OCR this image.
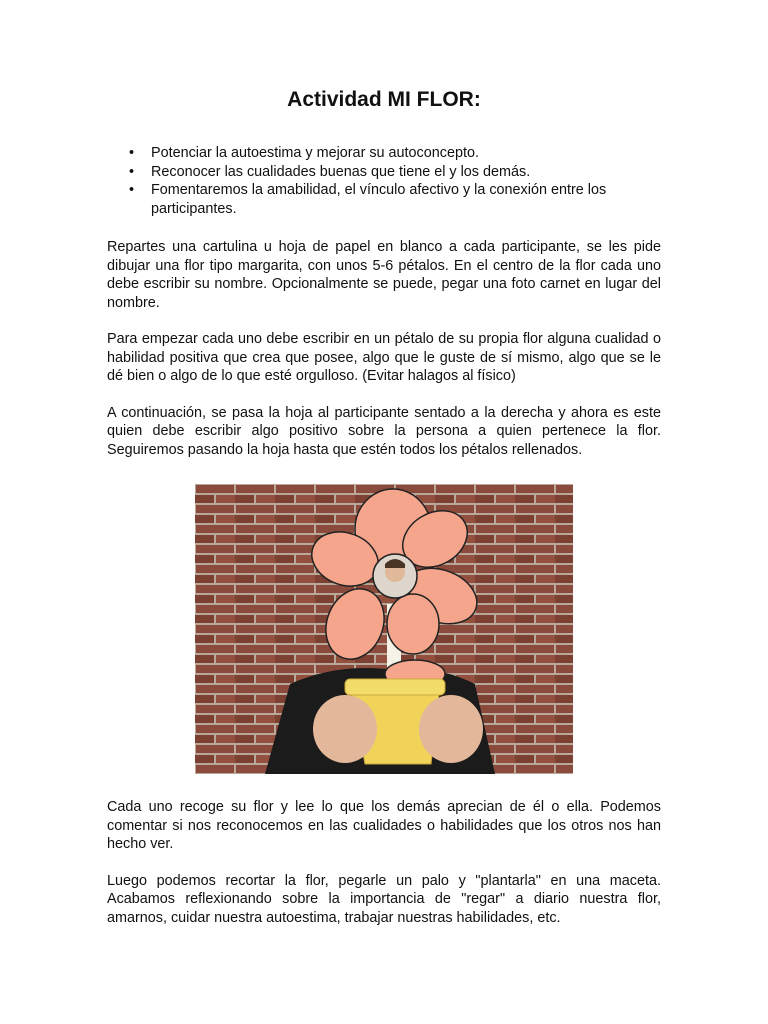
Actividad MI FLOR:
• Potenciar la autoestima y mejorar su autoconcepto.
• Reconocer las cualidades buenas que tiene el y los demás.
• Fomentaremos la amabilidad, el vínculo afectivo y la conexión entre los participantes.

Repartes una cartulina u hoja de papel en blanco a cada participante, se les pide dibujar una flor tipo margarita, con unos 5-6 pétalos. En el centro de la flor cada uno debe escribir su nombre. Opcionalmente se puede, pegar una foto carnet en lugar del nombre.

Para empezar cada uno debe escribir en un pétalo de su propia flor alguna cualidad o habilidad positiva que crea que posee, algo que le guste de sí mismo, algo que se le dé bien o algo de lo que esté orgulloso. (Evitar halagos al físico)

A continuación, se pasa la hoja al participante sentado a la derecha y ahora es este quien debe escribir algo positivo sobre la persona a quien pertenece la flor. Seguiremos pasando la hoja hasta que estén todos los pétalos rellenados.

Cada uno recoge su flor y lee lo que los demás aprecian de él o ella. Podemos comentar si nos reconocemos en las cualidades o habilidades que los otros nos han hecho ver.

Luego podemos recortar la flor, pegarle un palo y "plantarla" en una maceta. Acabamos reflexionando sobre la importancia de "regar" a diario nuestra flor, amarnos, cuidar nuestra autoestima, trabajar nuestras habilidades, etc.
